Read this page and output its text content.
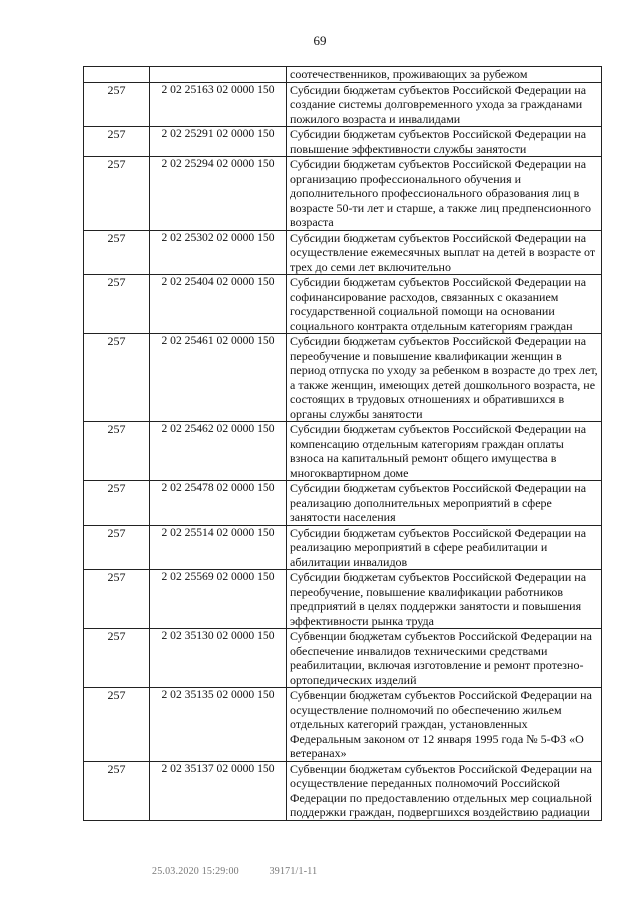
69
		соотечественников, проживающих за рубежом
257	2 02 25163 02 0000 150	Субсидии бюджетам субъектов Российской Федерации на создание системы долговременного ухода за гражданами пожилого возраста и инвалидами
257	2 02 25291 02 0000 150	Субсидии бюджетам субъектов Российской Федерации на повышение эффективности службы занятости
257	2 02 25294 02 0000 150	Субсидии бюджетам субъектов Российской Федерации на организацию профессионального обучения и дополнительного профессионального образования лиц в возрасте 50-ти лет и старше, а также лиц предпенсионного возраста
257	2 02 25302 02 0000 150	Субсидии бюджетам субъектов Российской Федерации на осуществление ежемесячных выплат на детей в возрасте от трех до семи лет включительно
257	2 02 25404 02 0000 150	Субсидии бюджетам субъектов Российской Федерации на софинансирование расходов, связанных с оказанием государственной социальной помощи на основании социального контракта отдельным категориям граждан
257	2 02 25461 02 0000 150	Субсидии бюджетам субъектов Российской Федерации на переобучение и повышение квалификации женщин в период отпуска по уходу за ребенком в возрасте до трех лет, а также женщин, имеющих детей дошкольного возраста, не состоящих в трудовых отношениях и обратившихся в органы службы занятости
257	2 02 25462 02 0000 150	Субсидии бюджетам субъектов Российской Федерации на компенсацию отдельным категориям граждан оплаты взноса на капитальный ремонт общего имущества в многоквартирном доме
257	2 02 25478 02 0000 150	Субсидии бюджетам субъектов Российской Федерации на реализацию дополнительных мероприятий в сфере занятости населения
257	2 02 25514 02 0000 150	Субсидии бюджетам субъектов Российской Федерации на реализацию мероприятий в сфере реабилитации и абилитации инвалидов
257	2 02 25569 02 0000 150	Субсидии бюджетам субъектов Российской Федерации на переобучение, повышение квалификации работников предприятий в целях поддержки занятости и повышения эффективности рынка труда
257	2 02 35130 02 0000 150	Субвенции бюджетам субъектов Российской Федерации на обеспечение инвалидов техническими средствами реабилитации, включая изготовление и ремонт протезно-ортопедических изделий
257	2 02 35135 02 0000 150	Субвенции бюджетам субъектов Российской Федерации на осуществление полномочий по обеспечению жильем отдельных категорий граждан, установленных Федеральным законом от 12 января 1995 года № 5-ФЗ «О ветеранах»
257	2 02 35137 02 0000 150	Субвенции бюджетам субъектов Российской Федерации на осуществление переданных полномочий Российской Федерации по предоставлению отдельных мер социальной поддержки граждан, подвергшихся воздействию радиации
25.03.2020 15:29:00	39171/1-11
